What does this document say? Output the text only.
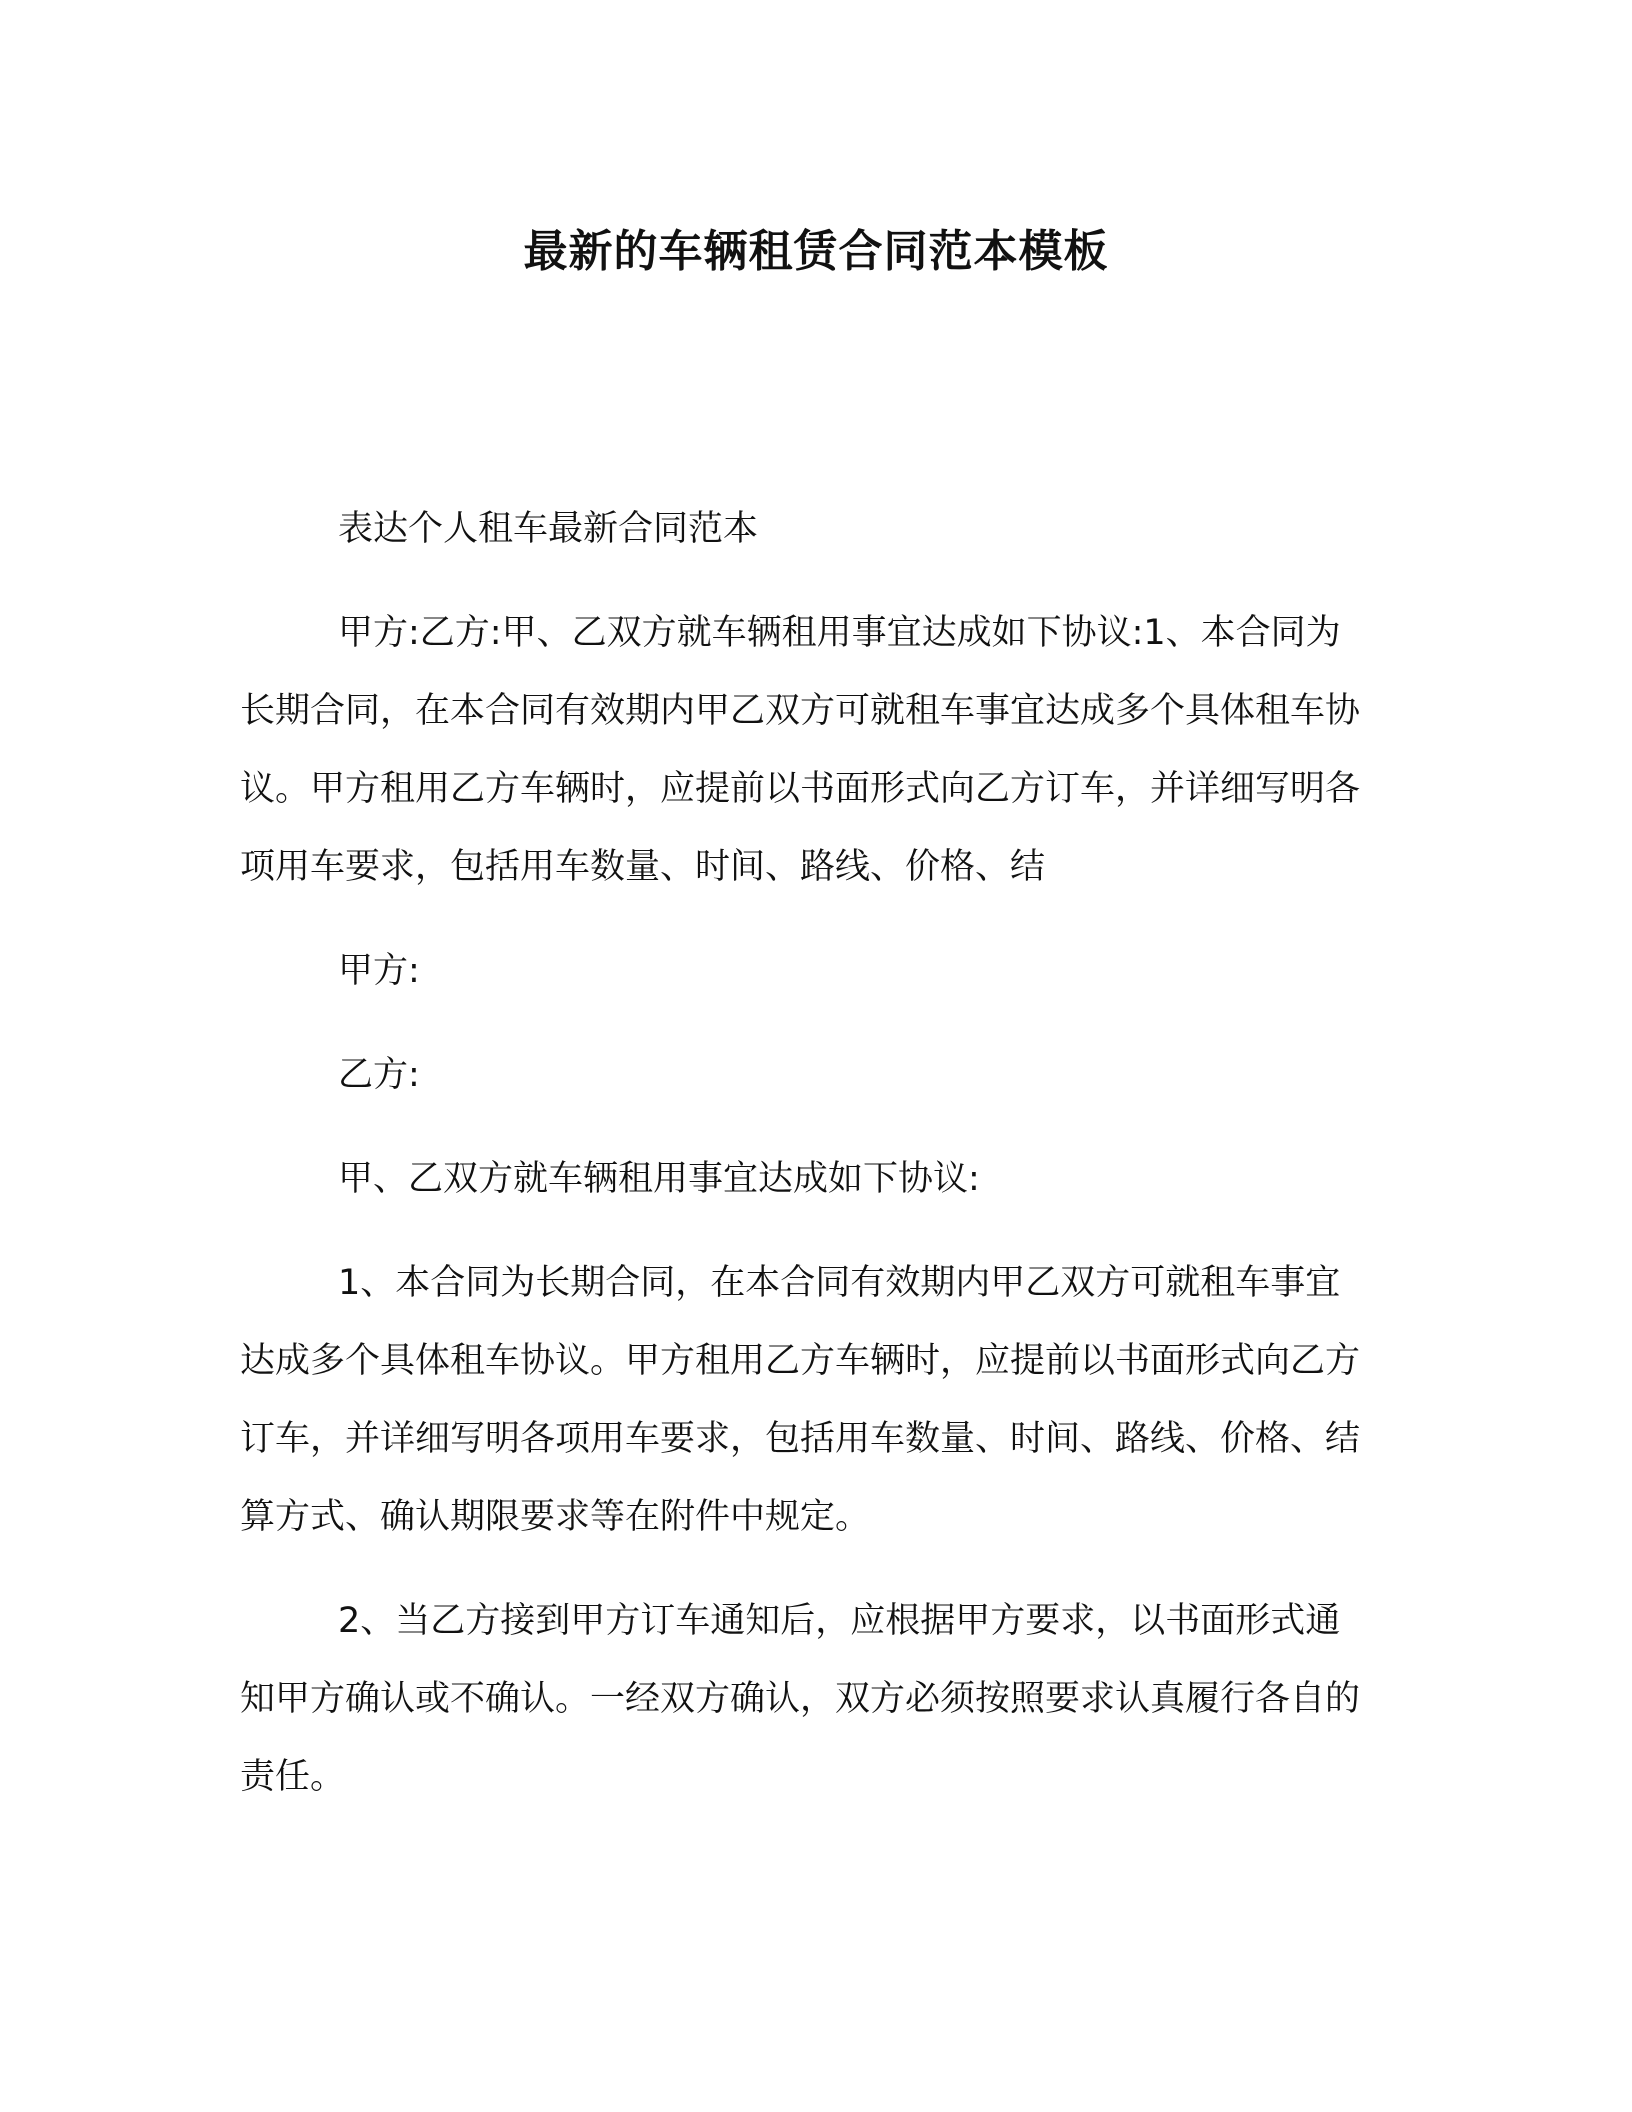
最新的车辆租赁合同范本模板

表达个人租车最新合同范本

甲方:乙方:甲、乙双方就车辆租用事宜达成如下协议:1、本合同为长期合同，在本合同有效期内甲乙双方可就租车事宜达成多个具体租车协议。甲方租用乙方车辆时，应提前以书面形式向乙方订车，并详细写明各项用车要求，包括用车数量、时间、路线、价格、结

甲方:

乙方:

甲、乙双方就车辆租用事宜达成如下协议:

1、本合同为长期合同，在本合同有效期内甲乙双方可就租车事宜达成多个具体租车协议。甲方租用乙方车辆时，应提前以书面形式向乙方订车，并详细写明各项用车要求，包括用车数量、时间、路线、价格、结算方式、确认期限要求等在附件中规定。

2、当乙方接到甲方订车通知后，应根据甲方要求，以书面形式通知甲方确认或不确认。一经双方确认，双方必须按照要求认真履行各自的责任。
